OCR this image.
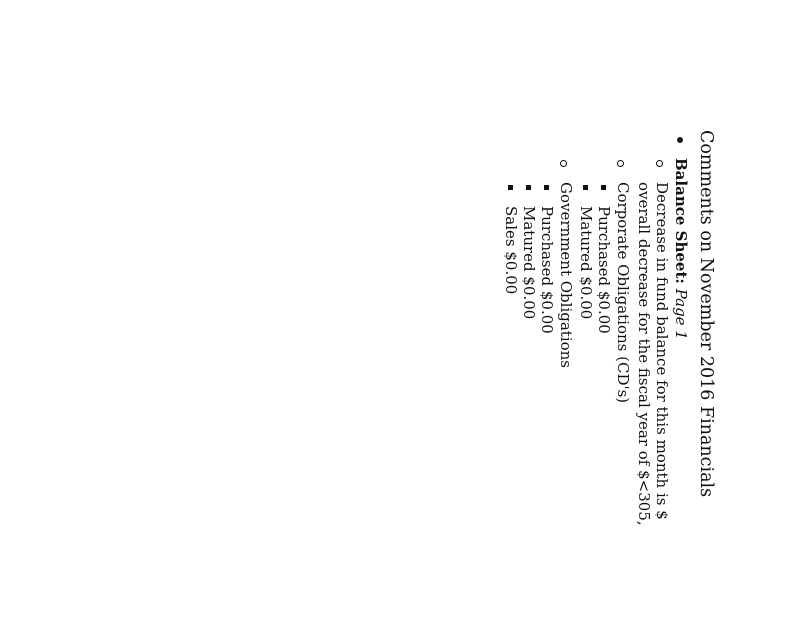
Comments on November 2016 Financials
Balance Sheet: Page 1
Decrease in fund balance for this month is $
overall decrease for the fiscal year of $<305,
Corporate Obligations (CD's)
Purchased $0.00
Matured $0.00
Government Obligations
Purchased $0.00
Matured $0.00
Sales $0.00
